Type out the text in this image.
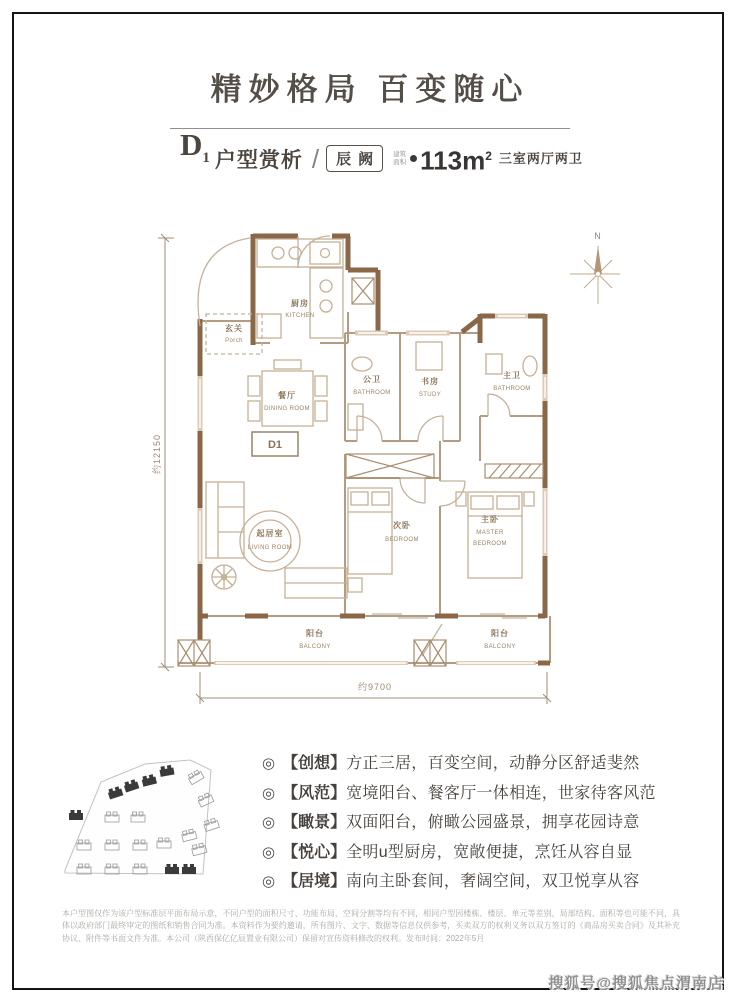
精妙格局 百变随心
$D_1$ 户型赏析 /	辰阙	建筑
面积 $113m^2$ 三室两厅两卫
N
约12150
约9700
D1
厨房
KITCHEN
玄关
Porch
餐厅
DINING ROOM
公卫
BATHROOM
书房
STUDY
主卫
BATHROOM
起居室
LIVING ROOM
次卧
BEDROOM
主卧
MASTER
BEDROOM
阳台
BALCONY
阳台
BALCONY
◎ 【创想】 方正三居，百变空间，动静分区舒适斐然
◎ 【风范】 宽境阳台、餐客厅一体相连，世家待客风范
◎ 【瞰景】 双面阳台，俯瞰公园盛景，拥享花园诗意
◎ 【悦心】 全明u型厨房，宽敞便捷，烹饪从容自显
◎ 【居境】 南向主卧套间，奢阔空间，双卫悦享从容
本户型图仅作为该户型标准层平面布局示意，不同户型的面积尺寸、功能布局、空间分割等均有不同，相同户型因楼栋、楼层、单元等差别，局部结构、面积等也可能不同，具体以政府部门最终审定的图纸和销售合同为准。本资料作为要约邀请，所有图片、文字、数据等信息仅供参考，买卖双方的权利义务以双方签订的《商品房买卖合同》及其补充协议、附件等书面文件为准。本公司（陕西保亿亿辰置业有限公司）保留对宣传资料修改的权利。发布时间：2022年5月
搜狐号@搜狐焦点渭南店
